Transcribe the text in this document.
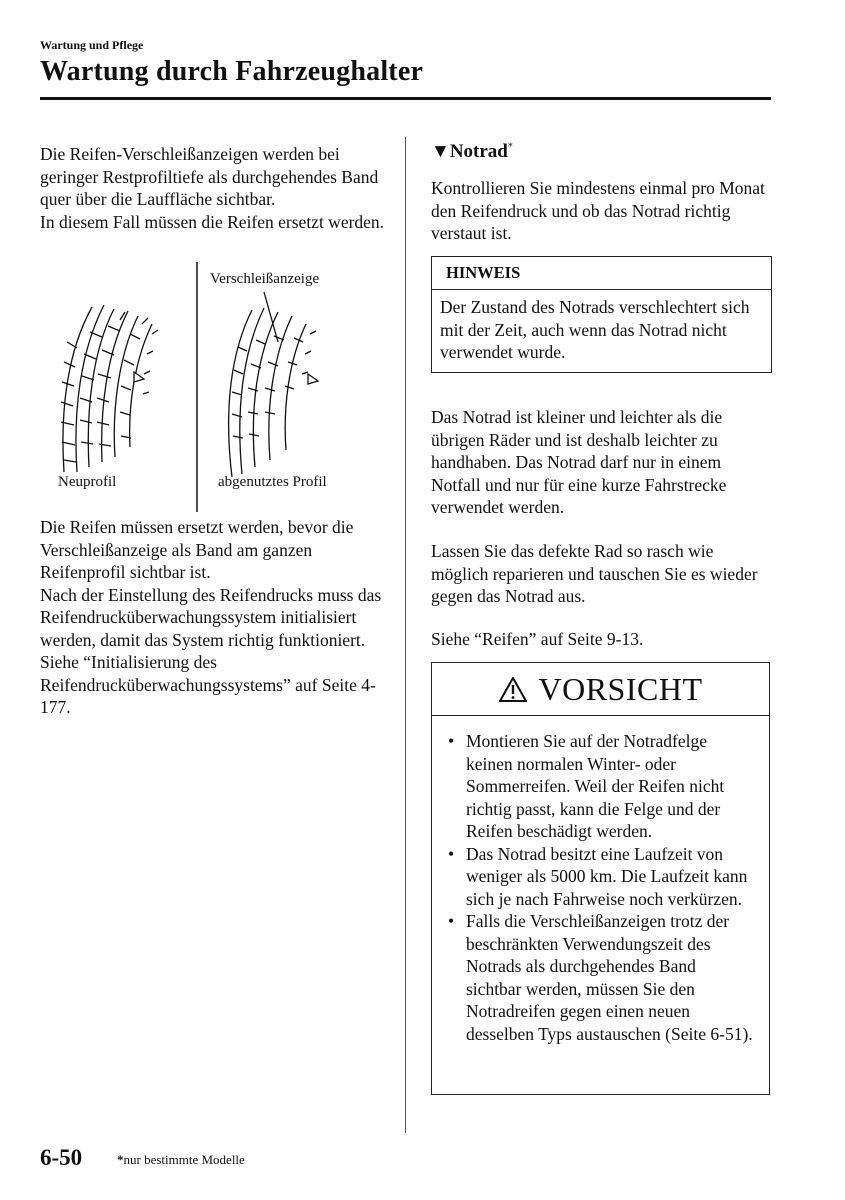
Wartung und Pflege
Wartung durch Fahrzeughalter

Die Reifen-Verschleißanzeigen werden bei geringer Restprofiltiefe als durchgehendes Band quer über die Lauffläche sichtbar.
In diesem Fall müssen die Reifen ersetzt werden.

Verschleißanzeige
Neuprofil	abgenutztes Profil

Die Reifen müssen ersetzt werden, bevor die Verschleißanzeige als Band am ganzen Reifenprofil sichtbar ist.
Nach der Einstellung des Reifendrucks muss das Reifendrucküberwachungssystem initialisiert werden, damit das System richtig funktioniert.
Siehe “Initialisierung des Reifendrucküberwachungssystems” auf Seite 4-177.

▼Notrad*

Kontrollieren Sie mindestens einmal pro Monat den Reifendruck und ob das Notrad richtig verstaut ist.

HINWEIS
Der Zustand des Notrads verschlechtert sich mit der Zeit, auch wenn das Notrad nicht verwendet wurde.

Das Notrad ist kleiner und leichter als die übrigen Räder und ist deshalb leichter zu handhaben. Das Notrad darf nur in einem Notfall und nur für eine kurze Fahrstrecke verwendet werden.

Lassen Sie das defekte Rad so rasch wie möglich reparieren und tauschen Sie es wieder gegen das Notrad aus.

Siehe “Reifen” auf Seite 9-13.

VORSICHT
• Montieren Sie auf der Notradfelge keinen normalen Winter- oder Sommerreifen. Weil der Reifen nicht richtig passt, kann die Felge und der Reifen beschädigt werden.
• Das Notrad besitzt eine Laufzeit von weniger als 5000 km. Die Laufzeit kann sich je nach Fahrweise noch verkürzen.
• Falls die Verschleißanzeigen trotz der beschränkten Verwendungszeit des Notrads als durchgehendes Band sichtbar werden, müssen Sie den Notradreifen gegen einen neuen desselben Typs austauschen (Seite 6-51).
6-50	*nur bestimmte Modelle
